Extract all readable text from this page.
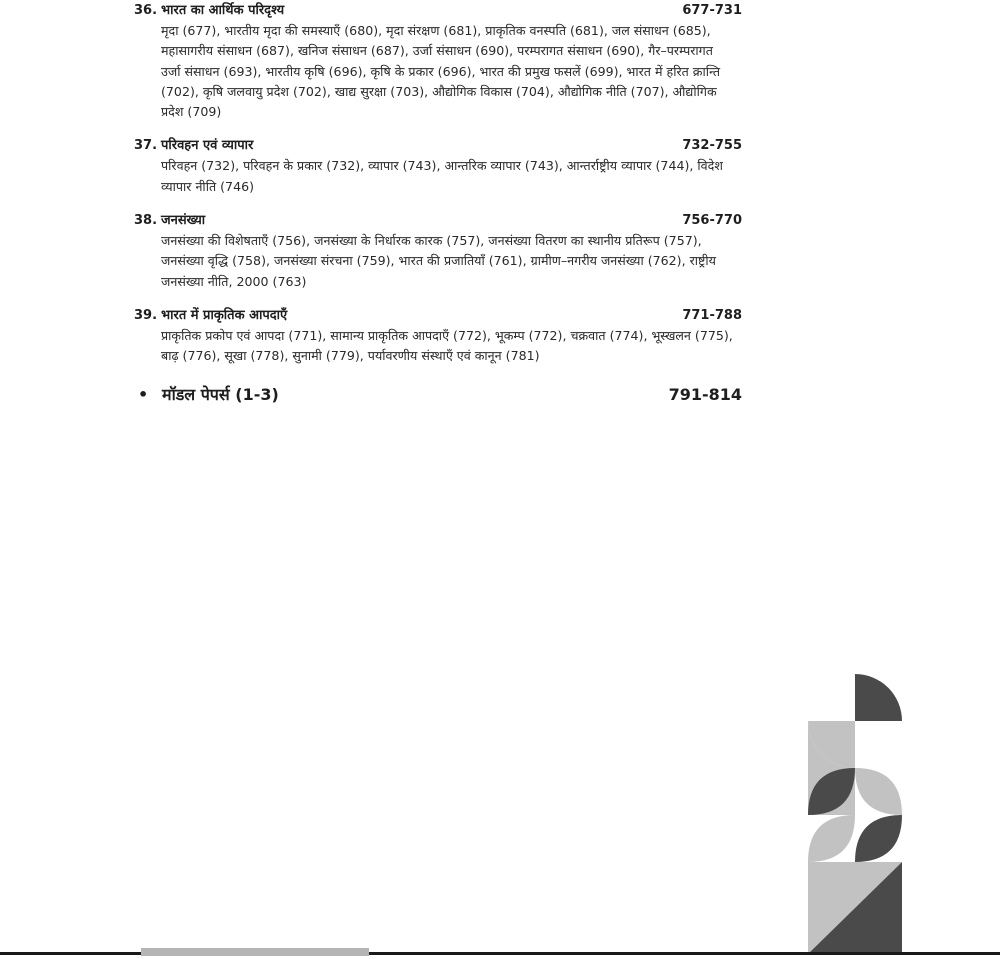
36. भारत का आर्थिक परिदृश्य	677-731
मृदा (677), भारतीय मृदा की समस्याएँ (680), मृदा संरक्षण (681), प्राकृतिक वनस्पति (681), जल संसाधन (685), महासागरीय संसाधन (687), खनिज संसाधन (687), उर्जा संसाधन (690), परम्परागत संसाधन (690), गैर–परम्परागत उर्जा संसाधन (693), भारतीय कृषि (696), कृषि के प्रकार (696), भारत की प्रमुख फसलें (699), भारत में हरित क्रान्ति (702), कृषि जलवायु प्रदेश (702), खाद्य सुरक्षा (703), औद्योगिक विकास (704), औद्योगिक नीति (707), औद्योगिक प्रदेश (709)
37. परिवहन एवं व्यापार	732-755
परिवहन (732), परिवहन के प्रकार (732), व्यापार (743), आन्तरिक व्यापार (743), आन्तर्राष्ट्रीय व्यापार (744), विदेश व्यापार नीति (746)
38. जनसंख्या	756-770
जनसंख्या की विशेषताएँ (756), जनसंख्या के निर्धारक कारक (757), जनसंख्या वितरण का स्थानीय प्रतिरूप (757), जनसंख्या वृद्धि (758), जनसंख्या संरचना (759), भारत की प्रजातियाँ (761), ग्रामीण–नगरीय जनसंख्या (762), राष्ट्रीय जनसंख्या नीति, 2000 (763)
39. भारत में प्राकृतिक आपदाएँ	771-788
प्राकृतिक प्रकोप एवं आपदा (771), सामान्य प्राकृतिक आपदाएँ (772), भूकम्प (772), चक्रवात (774), भूस्खलन (775), बाढ़ (776), सूखा (778), सुनामी (779), पर्यावरणीय संस्थाएँ एवं कानून (781)
• मॉडल पेपर्स (1-3)	791-814
